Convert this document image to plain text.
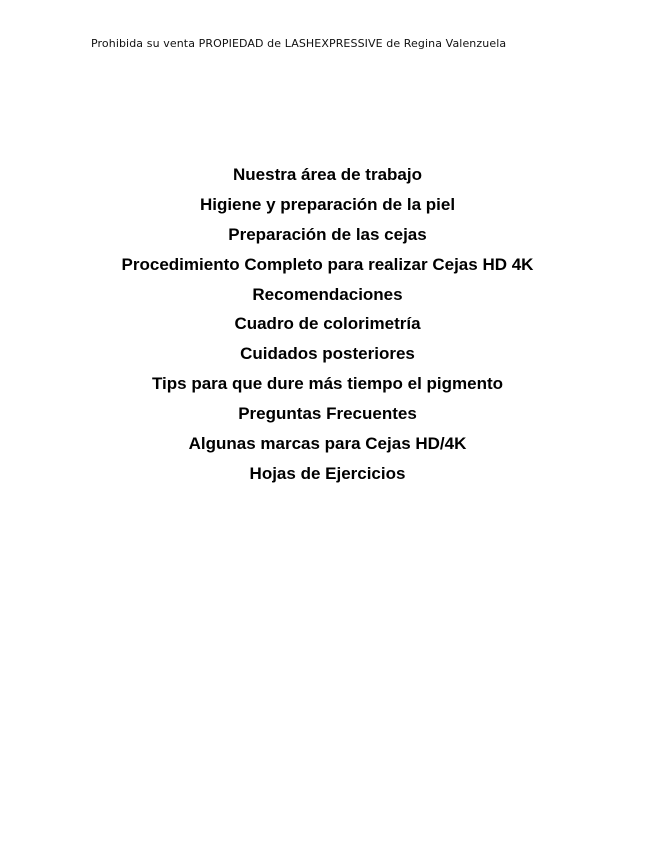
Prohibida su venta PROPIEDAD de LASHEXPRESSIVE de Regina Valenzuela
Nuestra área de trabajo
Higiene y preparación de la piel
Preparación de las cejas
Procedimiento Completo para realizar Cejas HD 4K
Recomendaciones
Cuadro de colorimetría
Cuidados posteriores
Tips para que dure más tiempo el pigmento
Preguntas Frecuentes
Algunas marcas para Cejas HD/4K
Hojas de Ejercicios
